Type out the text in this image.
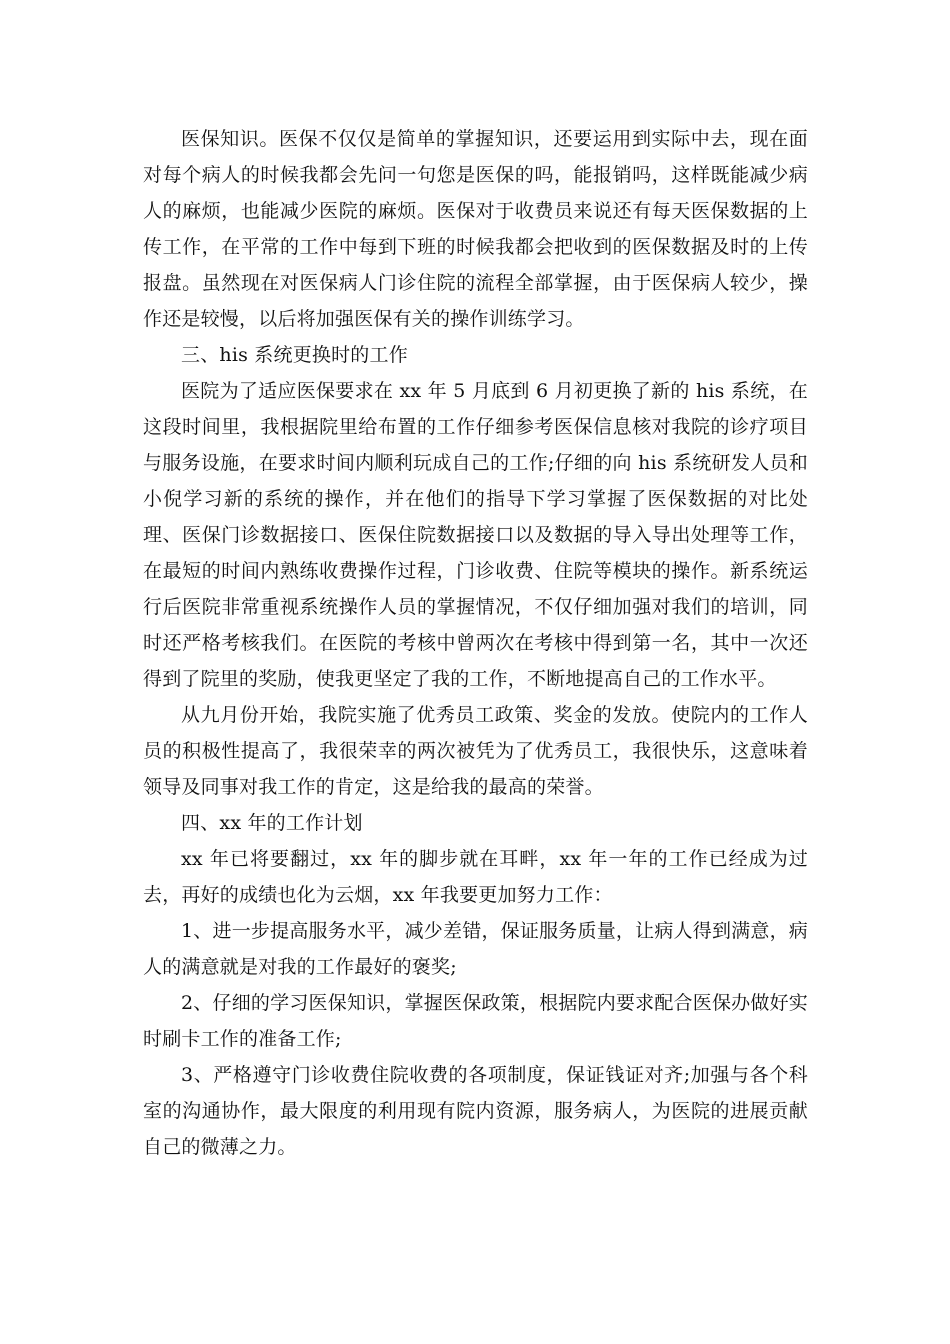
医保知识。医保不仅仅是简单的掌握知识，还要运用到实际中去，现在面对每个病人的时候我都会先问一句您是医保的吗，能报销吗，这样既能减少病人的麻烦，也能减少医院的麻烦。医保对于收费员来说还有每天医保数据的上传工作，在平常的工作中每到下班的时候我都会把收到的医保数据及时的上传报盘。虽然现在对医保病人门诊住院的流程全部掌握，由于医保病人较少，操作还是较慢，以后将加强医保有关的操作训练学习。

三、his 系统更换时的工作

医院为了适应医保要求在 xx 年 5 月底到 6 月初更换了新的 his 系统，在这段时间里，我根据院里给布置的工作仔细参考医保信息核对我院的诊疗项目与服务设施，在要求时间内顺利玩成自己的工作;仔细的向 his 系统研发人员和小倪学习新的系统的操作，并在他们的指导下学习掌握了医保数据的对比处理、医保门诊数据接口、医保住院数据接口以及数据的导入导出处理等工作，在最短的时间内熟练收费操作过程，门诊收费、住院等模块的操作。新系统运行后医院非常重视系统操作人员的掌握情况，不仅仔细加强对我们的培训，同时还严格考核我们。在医院的考核中曾两次在考核中得到第一名，其中一次还得到了院里的奖励，使我更坚定了我的工作，不断地提高自己的工作水平。

从九月份开始，我院实施了优秀员工政策、奖金的发放。使院内的工作人员的积极性提高了，我很荣幸的两次被凭为了优秀员工，我很快乐，这意味着领导及同事对我工作的肯定，这是给我的最高的荣誉。

四、xx 年的工作计划

xx 年已将要翻过，xx 年的脚步就在耳畔，xx 年一年的工作已经成为过去，再好的成绩也化为云烟，xx 年我要更加努力工作：

1、进一步提高服务水平，减少差错，保证服务质量，让病人得到满意，病人的满意就是对我的工作最好的褒奖;

2、仔细的学习医保知识，掌握医保政策，根据院内要求配合医保办做好实时刷卡工作的准备工作;

3、严格遵守门诊收费住院收费的各项制度，保证钱证对齐;加强与各个科室的沟通协作，最大限度的利用现有院内资源，服务病人，为医院的进展贡献自己的微薄之力。
